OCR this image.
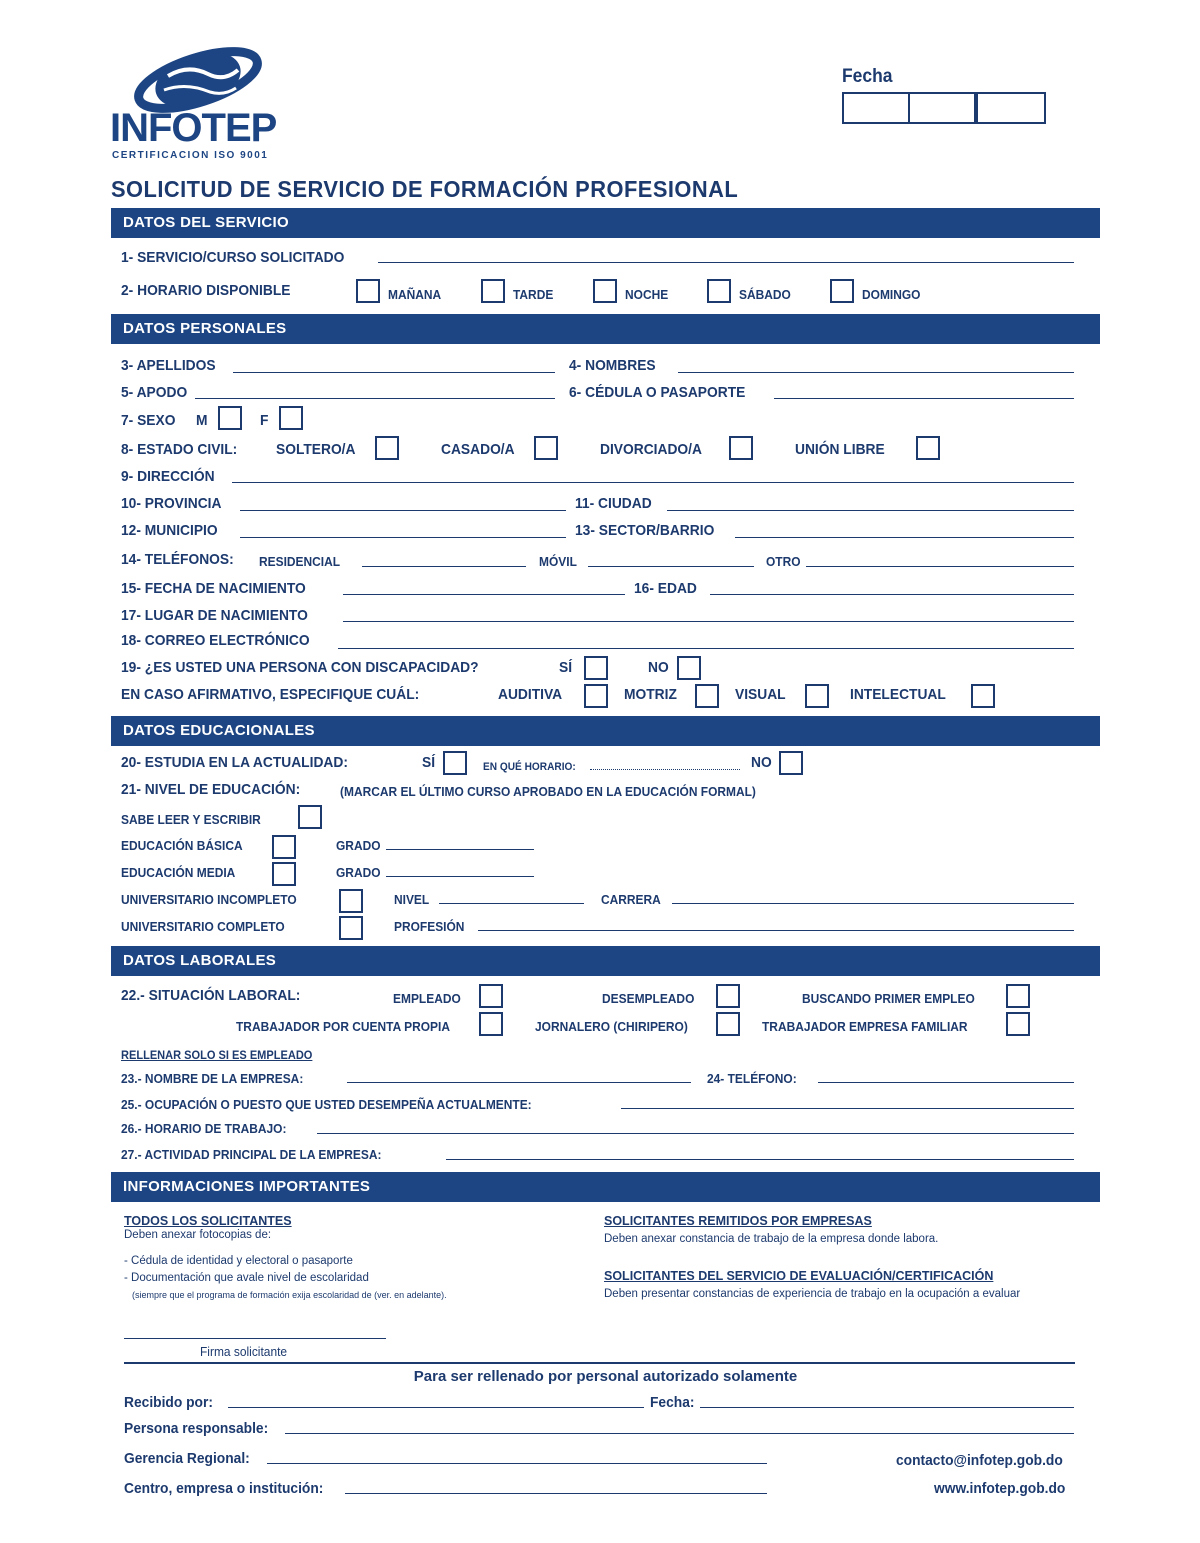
INFOTEP
CERTIFICACION ISO 9001
Fecha
SOLICITUD DE SERVICIO DE FORMACIÓN PROFESIONAL
DATOS DEL SERVICIO
1- SERVICIO/CURSO SOLICITADO
2- HORARIO DISPONIBLE	MAÑANA	TARDE	NOCHE	SÁBADO	DOMINGO
DATOS PERSONALES
3- APELLIDOS	4- NOMBRES
5- APODO	6- CÉDULA O PASAPORTE
7- SEXO M	F
8- ESTADO CIVIL:	SOLTERO/A	CASADO/A	DIVORCIADO/A	UNIÓN LIBRE
9- DIRECCIÓN
10- PROVINCIA	11- CIUDAD
12- MUNICIPIO	13- SECTOR/BARRIO
14- TELÉFONOS: RESIDENCIAL	MÓVIL	OTRO
15- FECHA DE NACIMIENTO	16- EDAD
17- LUGAR DE NACIMIENTO
18- CORREO ELECTRÓNICO
19- ¿ES USTED UNA PERSONA CON DISCAPACIDAD?	SÍ	NO
EN CASO AFIRMATIVO, ESPECIFIQUE CUÁL:	AUDITIVA	MOTRIZ	VISUAL	INTELECTUAL
DATOS EDUCACIONALES
20- ESTUDIA EN LA ACTUALIDAD:	SÍ	EN QUÉ HORARIO:	NO
21- NIVEL DE EDUCACIÓN:	(MARCAR EL ÚLTIMO CURSO APROBADO EN LA EDUCACIÓN FORMAL)
SABE LEER Y ESCRIBIR
EDUCACIÓN BÁSICA	GRADO
EDUCACIÓN MEDIA	GRADO
UNIVERSITARIO INCOMPLETO	NIVEL	CARRERA
UNIVERSITARIO COMPLETO	PROFESIÓN
DATOS LABORALES
22.- SITUACIÓN LABORAL:	EMPLEADO	DESEMPLEADO	BUSCANDO PRIMER EMPLEO
TRABAJADOR POR CUENTA PROPIA	JORNALERO (CHIRIPERO)	TRABAJADOR EMPRESA FAMILIAR
RELLENAR SOLO SI ES EMPLEADO
23.- NOMBRE DE LA EMPRESA:	24- TELÉFONO:
25.- OCUPACIÓN O PUESTO QUE USTED DESEMPEÑA ACTUALMENTE:
26.- HORARIO DE TRABAJO:
27.- ACTIVIDAD PRINCIPAL DE LA EMPRESA:
INFORMACIONES IMPORTANTES
TODOS LOS SOLICITANTES
Deben anexar fotocopias de:
- Cédula de identidad y electoral o pasaporte
- Documentación que avale nivel de escolaridad
(siempre que el programa de formación exija escolaridad de (ver. en adelante).
SOLICITANTES REMITIDOS POR EMPRESAS
Deben anexar constancia de trabajo de la empresa donde labora.
SOLICITANTES DEL SERVICIO DE EVALUACIÓN/CERTIFICACIÓN
Deben presentar constancias de experiencia de trabajo en la ocupación a evaluar
Firma solicitante
Para ser rellenado por personal autorizado solamente
Recibido por:	Fecha:
Persona responsable:
Gerencia Regional:
Centro, empresa o institución:
contacto@infotep.gob.do
www.infotep.gob.do
